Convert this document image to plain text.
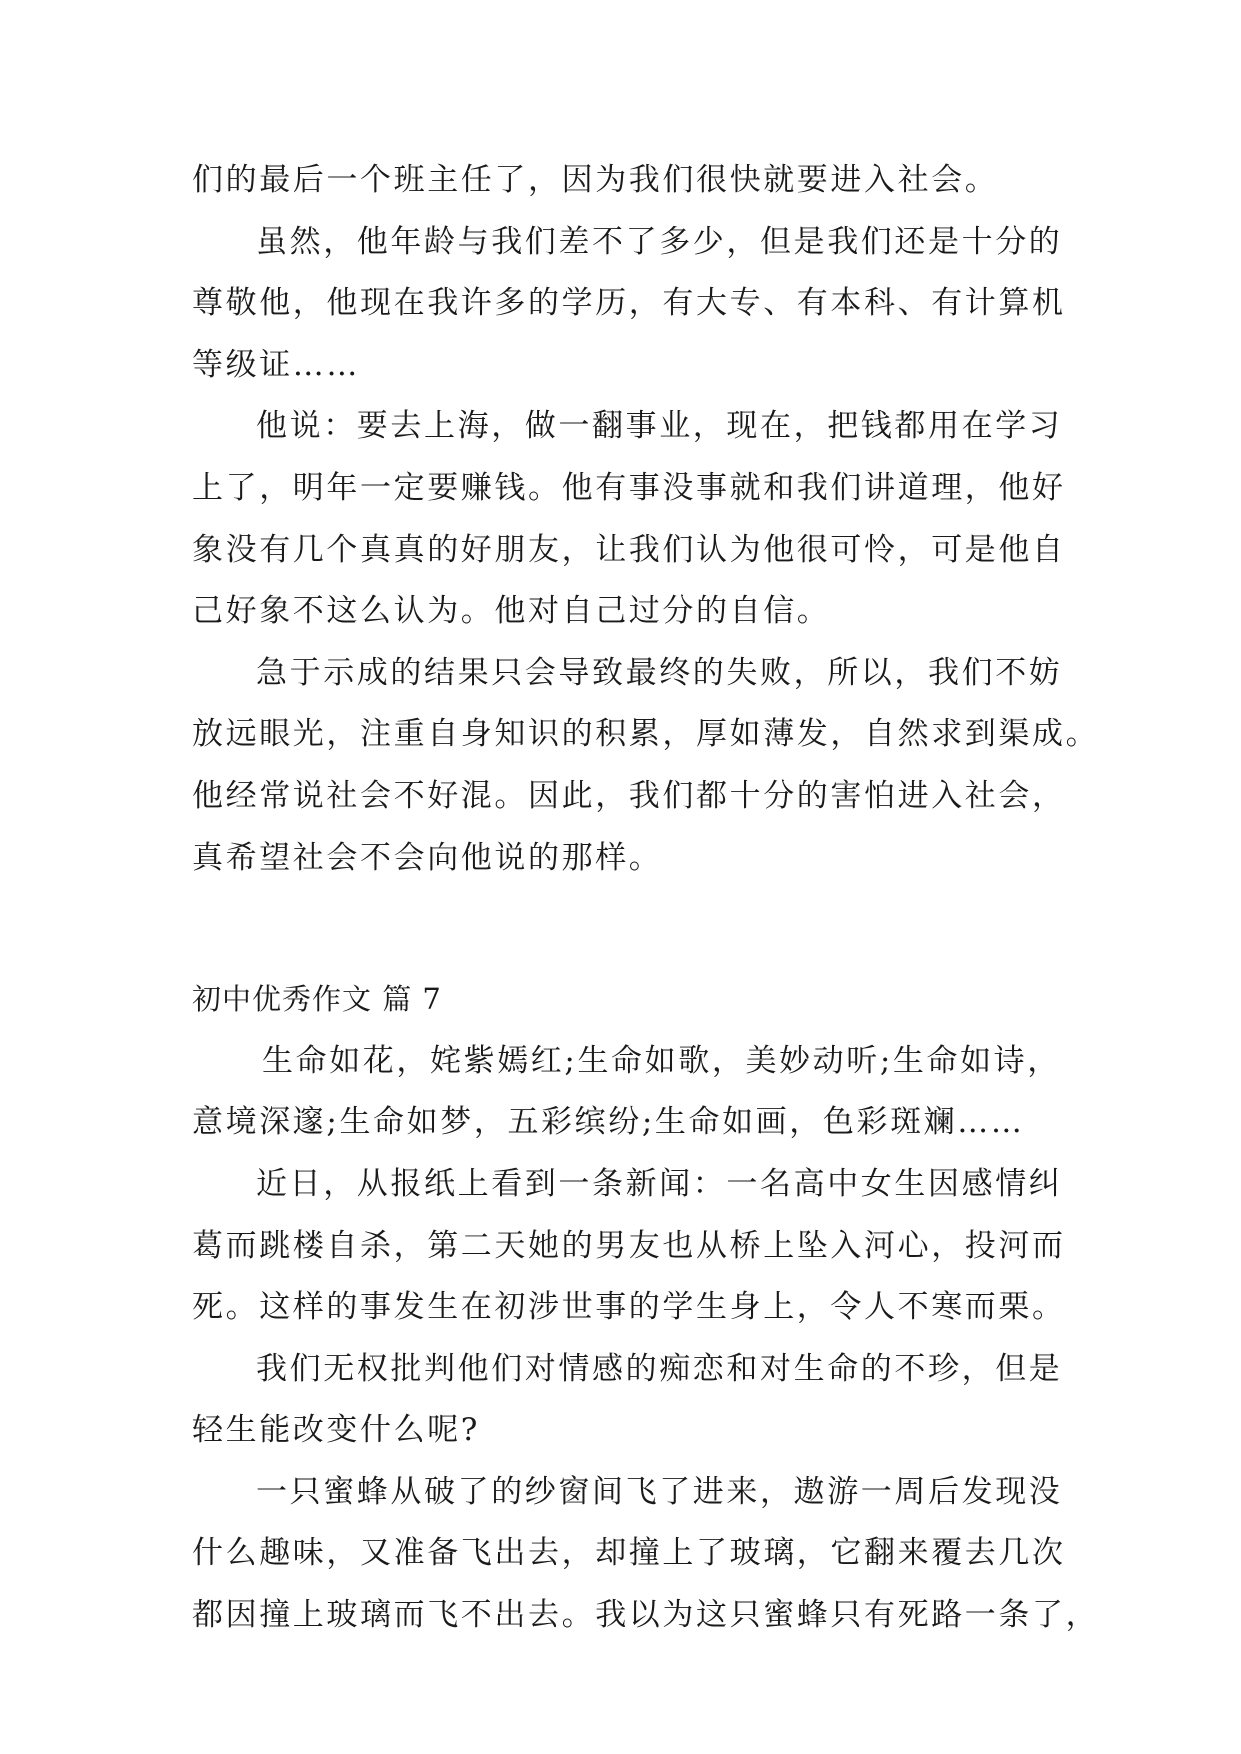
们的最后一个班主任了，因为我们很快就要进入社会。
虽然，他年龄与我们差不了多少，但是我们还是十分的
尊敬他，他现在我许多的学历，有大专、有本科、有计算机
等级证……
他说：要去上海，做一翻事业，现在，把钱都用在学习
上了，明年一定要赚钱。他有事没事就和我们讲道理，他好
象没有几个真真的好朋友，让我们认为他很可怜，可是他自
己好象不这么认为。他对自己过分的自信。
急于示成的结果只会导致最终的失败，所以，我们不妨
放远眼光，注重自身知识的积累，厚如薄发，自然求到渠成。
他经常说社会不好混。因此，我们都十分的害怕进入社会，
真希望社会不会向他说的那样。
初中优秀作文 篇 7
生命如花，姹紫嫣红;生命如歌，美妙动听;生命如诗，
意境深邃;生命如梦，五彩缤纷;生命如画，色彩斑斓……
近日，从报纸上看到一条新闻：一名高中女生因感情纠
葛而跳楼自杀，第二天她的男友也从桥上坠入河心，投河而
死。这样的事发生在初涉世事的学生身上，令人不寒而栗。
我们无权批判他们对情感的痴恋和对生命的不珍，但是
轻生能改变什么呢?
一只蜜蜂从破了的纱窗间飞了进来，遨游一周后发现没
什么趣味，又准备飞出去，却撞上了玻璃，它翻来覆去几次
都因撞上玻璃而飞不出去。我以为这只蜜蜂只有死路一条了，
